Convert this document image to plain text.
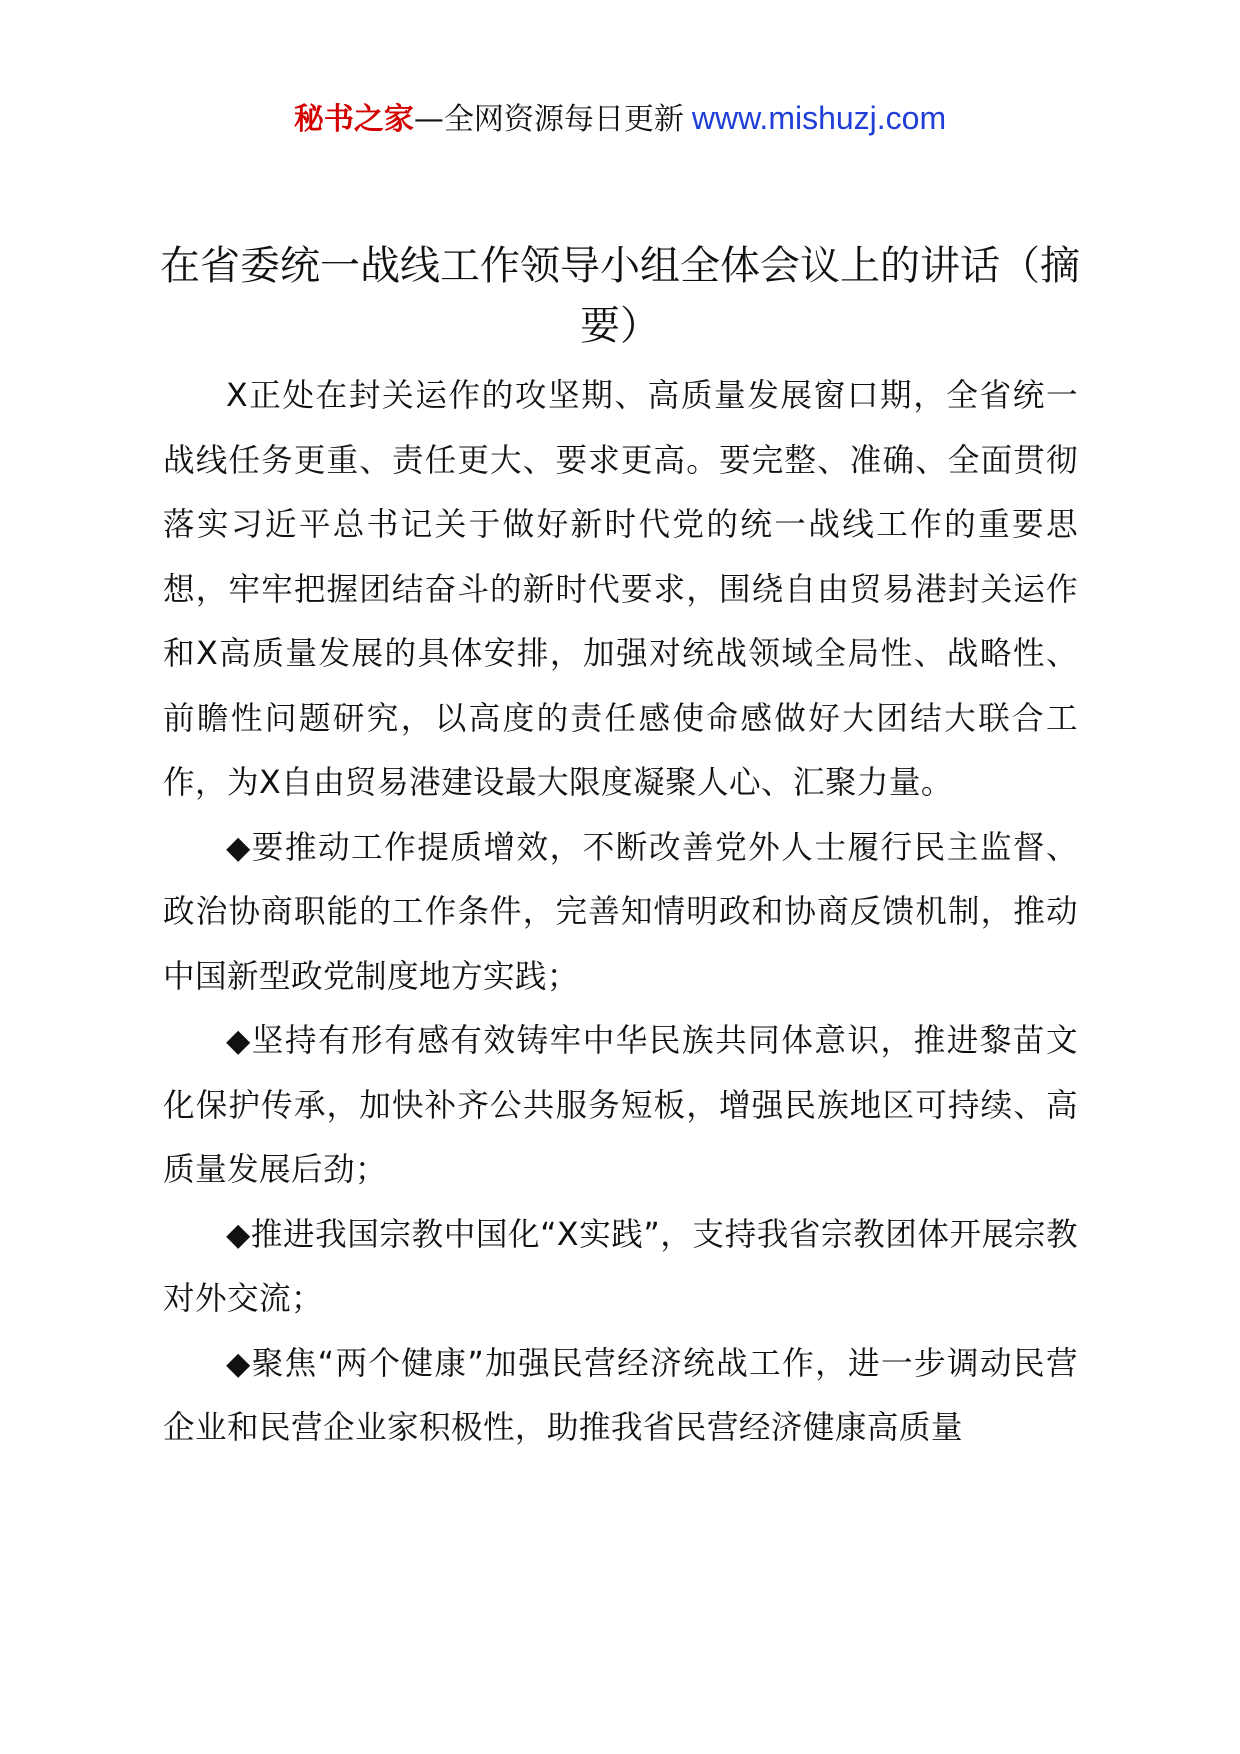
秘书之家—全网资源每日更新 www.mishuzj.com
在省委统一战线工作领导小组全体会议上的讲话（摘要）

X正处在封关运作的攻坚期、高质量发展窗口期，全省统一战线任务更重、责任更大、要求更高。要完整、准确、全面贯彻落实习近平总书记关于做好新时代党的统一战线工作的重要思想，牢牢把握团结奋斗的新时代要求，围绕自由贸易港封关运作和X高质量发展的具体安排，加强对统战领域全局性、战略性、前瞻性问题研究，以高度的责任感使命感做好大团结大联合工作，为X自由贸易港建设最大限度凝聚人心、汇聚力量。

◆要推动工作提质增效，不断改善党外人士履行民主监督、政治协商职能的工作条件，完善知情明政和协商反馈机制，推动中国新型政党制度地方实践；

◆坚持有形有感有效铸牢中华民族共同体意识，推进黎苗文化保护传承，加快补齐公共服务短板，增强民族地区可持续、高质量发展后劲；

◆推进我国宗教中国化“X实践”，支持我省宗教团体开展宗教对外交流；

◆聚焦“两个健康”加强民营经济统战工作，进一步调动民营企业和民营企业家积极性，助推我省民营经济健康高质量
